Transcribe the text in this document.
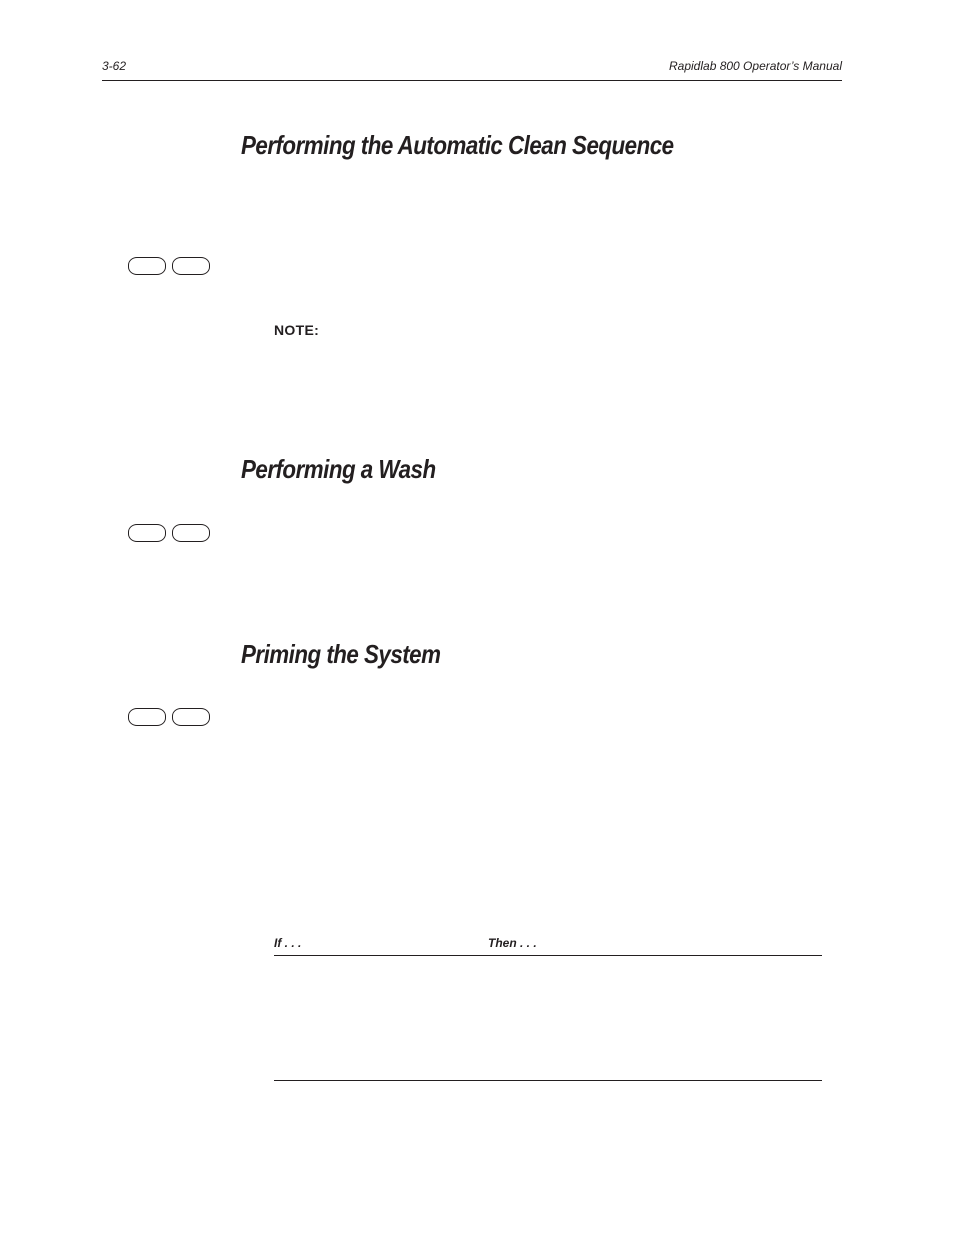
3-62	Rapidlab 800 Operator’s Manual
Performing the Automatic Clean Sequence
NOTE:
Performing a Wash
Priming the System
If . . .	Then . . .
